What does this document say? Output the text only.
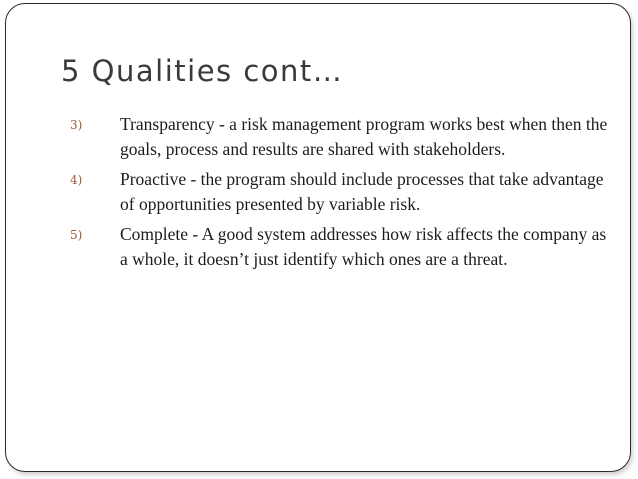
5 Qualities cont…
3)	Transparency - a risk management program works best when then the goals, process and results are shared with stakeholders.
4)	Proactive - the program should include processes that take advantage of opportunities presented by variable risk.
5)	Complete - A good system addresses how risk affects the company as a whole, it doesn’t just identify which ones are a threat.
